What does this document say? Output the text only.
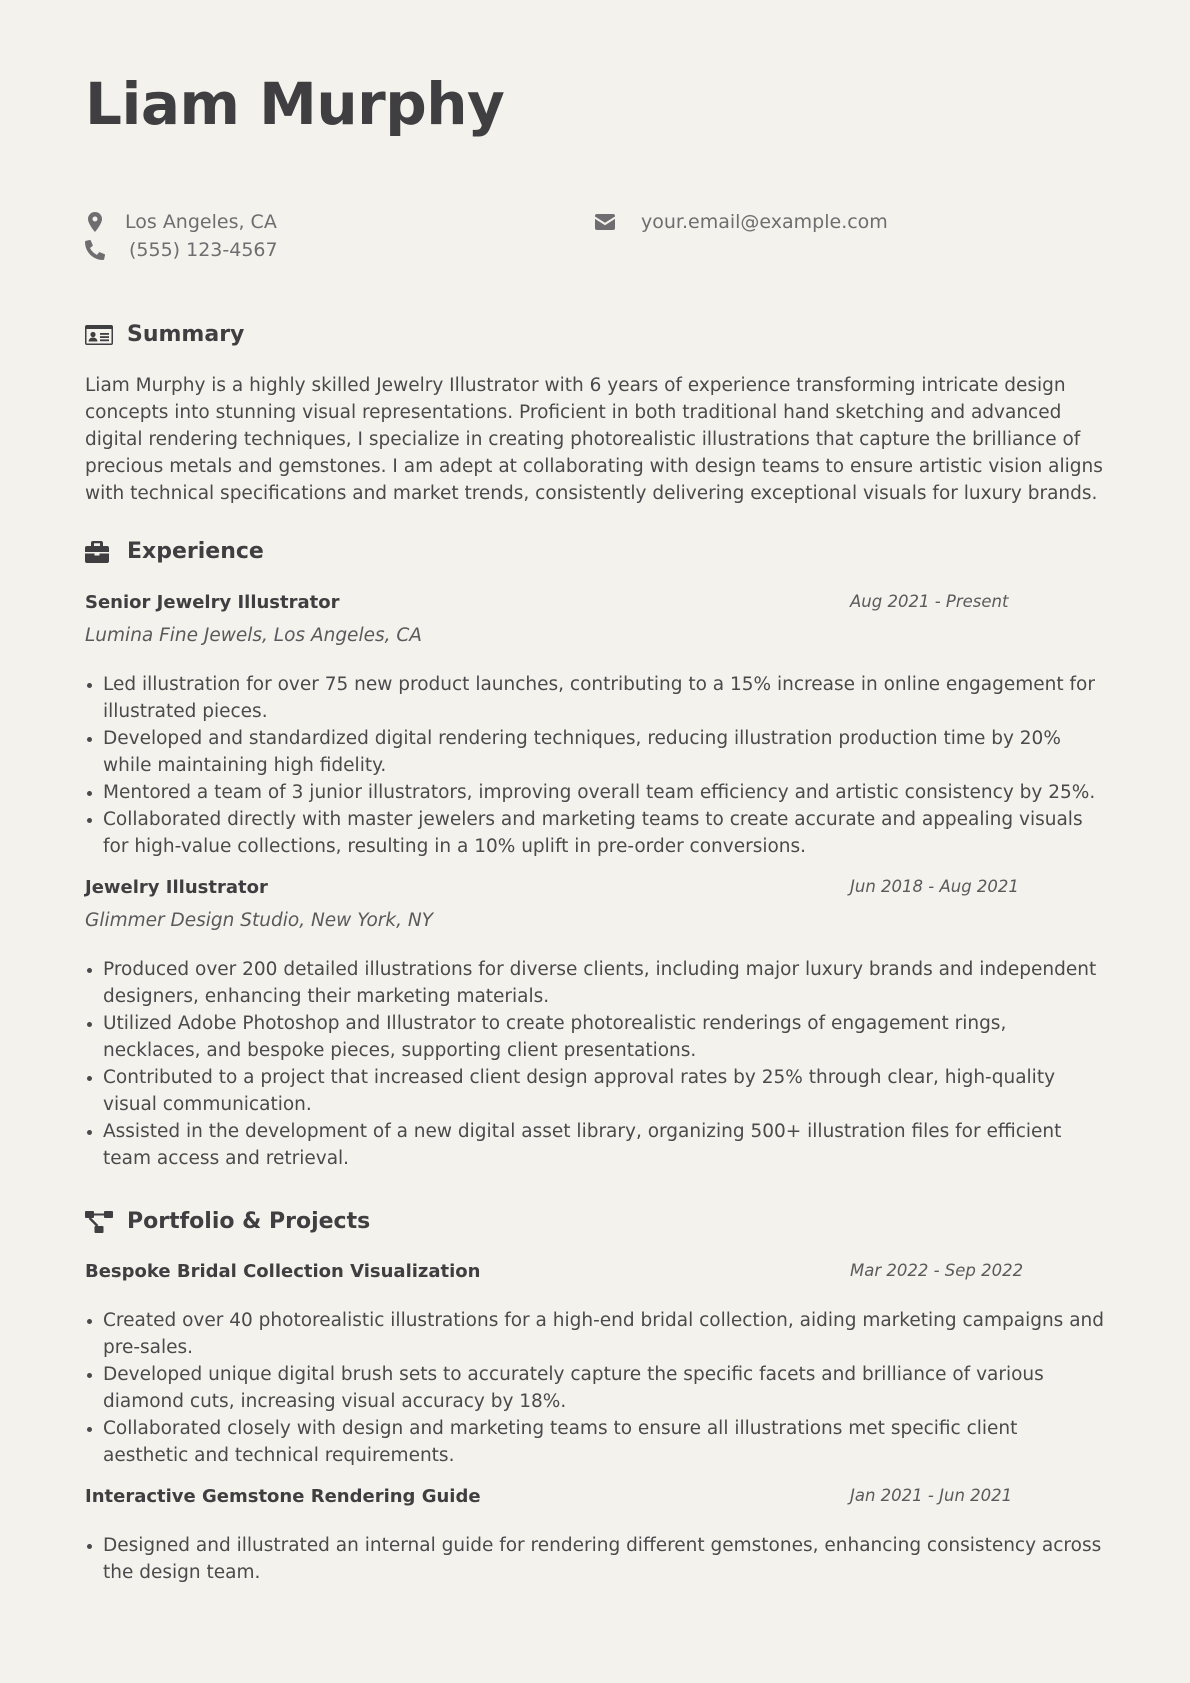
Liam Murphy
Los Angeles, CA
(555) 123-4567
your.email@example.com
Summary

Liam Murphy is a highly skilled Jewelry Illustrator with 6 years of experience transforming intricate design concepts into stunning visual representations. Proficient in both traditional hand sketching and advanced digital rendering techniques, I specialize in creating photorealistic illustrations that capture the brilliance of precious metals and gemstones. I am adept at collaborating with design teams to ensure artistic vision aligns with technical specifications and market trends, consistently delivering exceptional visuals for luxury brands.

Experience
Senior Jewelry Illustrator	Aug 2021 - Present
Lumina Fine Jewels, Los Angeles, CA
Led illustration for over 75 new product launches, contributing to a 15% increase in online engagement for illustrated pieces.
Developed and standardized digital rendering techniques, reducing illustration production time by 20% while maintaining high fidelity.
Mentored a team of 3 junior illustrators, improving overall team efficiency and artistic consistency by 25%.
Collaborated directly with master jewelers and marketing teams to create accurate and appealing visuals for high-value collections, resulting in a 10% uplift in pre-order conversions.
Jewelry Illustrator	Jun 2018 - Aug 2021
Glimmer Design Studio, New York, NY
Produced over 200 detailed illustrations for diverse clients, including major luxury brands and independent designers, enhancing their marketing materials.
Utilized Adobe Photoshop and Illustrator to create photorealistic renderings of engagement rings, necklaces, and bespoke pieces, supporting client presentations.
Contributed to a project that increased client design approval rates by 25% through clear, high-quality visual communication.
Assisted in the development of a new digital asset library, organizing 500+ illustration files for efficient team access and retrieval.
Portfolio & Projects
Bespoke Bridal Collection Visualization	Mar 2022 - Sep 2022
Created over 40 photorealistic illustrations for a high-end bridal collection, aiding marketing campaigns and pre-sales.
Developed unique digital brush sets to accurately capture the specific facets and brilliance of various diamond cuts, increasing visual accuracy by 18%.
Collaborated closely with design and marketing teams to ensure all illustrations met specific client aesthetic and technical requirements.
Interactive Gemstone Rendering Guide	Jan 2021 - Jun 2021
Designed and illustrated an internal guide for rendering different gemstones, enhancing consistency across the design team.
